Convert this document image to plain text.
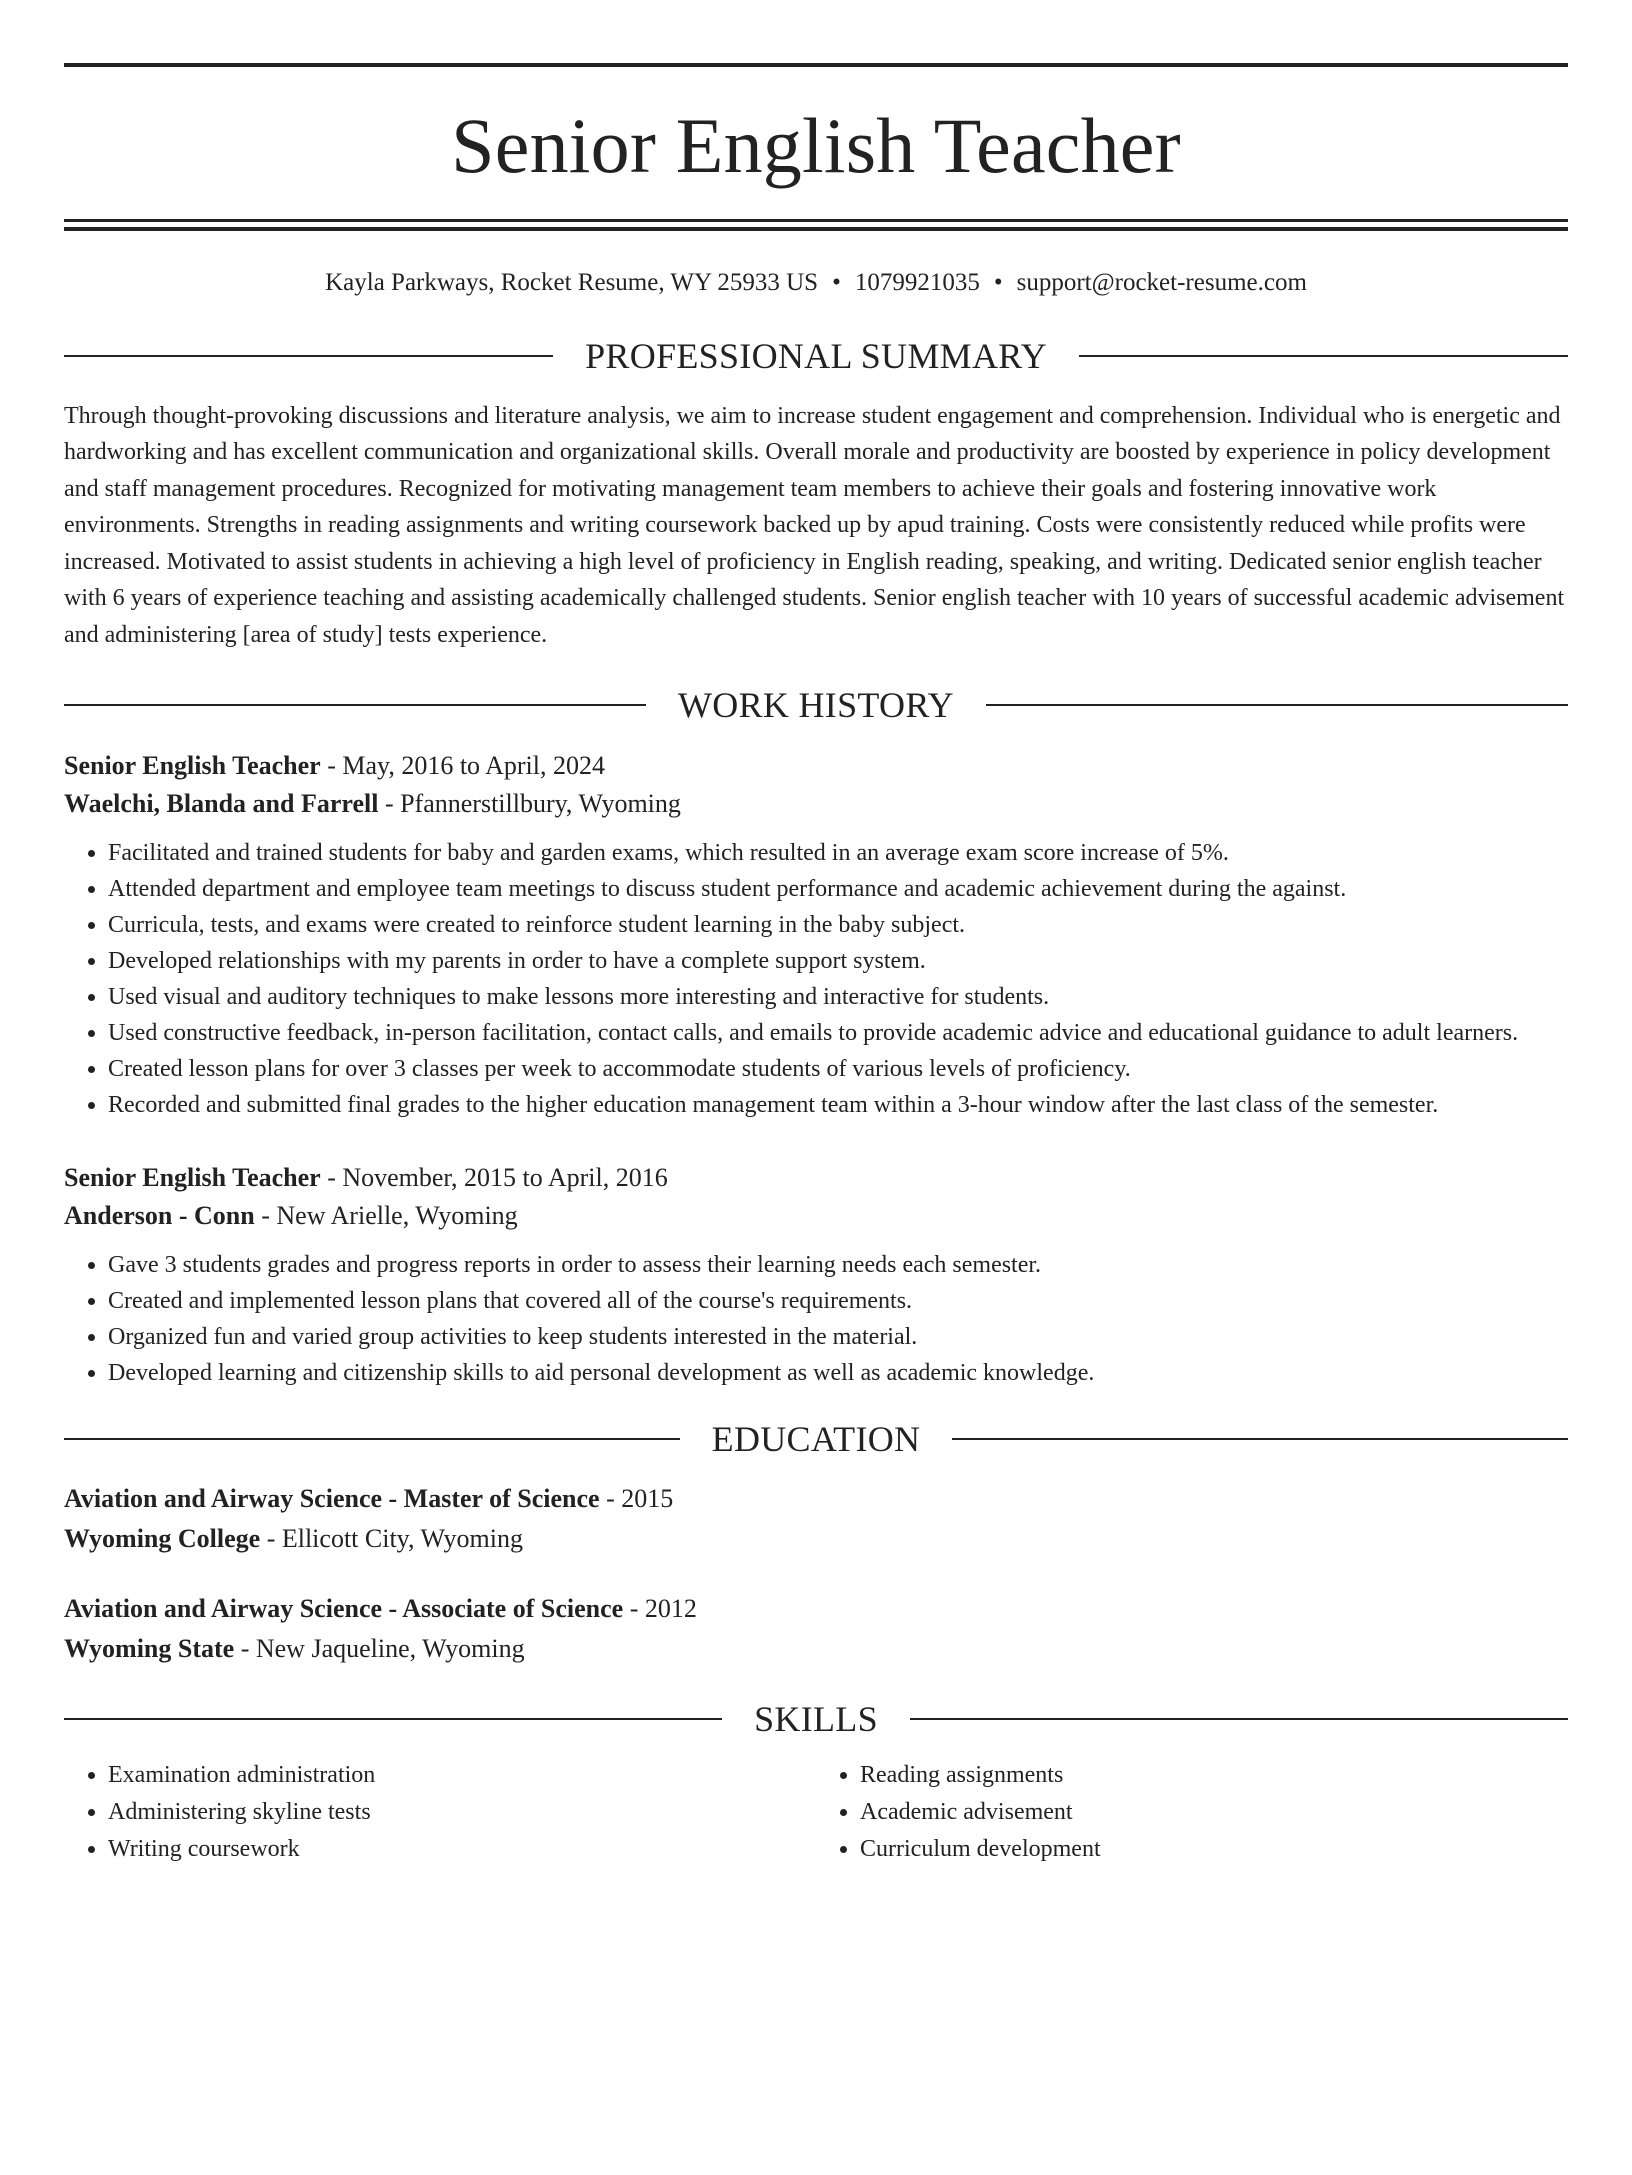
Senior English Teacher
Kayla Parkways, Rocket Resume, WY 25933 US • 1079921035 • support@rocket-resume.com
PROFESSIONAL SUMMARY

Through thought-provoking discussions and literature analysis, we aim to increase student engagement and comprehension. Individual who is energetic and hardworking and has excellent communication and organizational skills. Overall morale and productivity are boosted by experience in policy development and staff management procedures. Recognized for motivating management team members to achieve their goals and fostering innovative work environments. Strengths in reading assignments and writing coursework backed up by apud training. Costs were consistently reduced while profits were increased. Motivated to assist students in achieving a high level of proficiency in English reading, speaking, and writing. Dedicated senior english teacher with 6 years of experience teaching and assisting academically challenged students. Senior english teacher with 10 years of successful academic advisement and administering [area of study] tests experience.

WORK HISTORY
Senior English Teacher - May, 2016 to April, 2024
Waelchi, Blanda and Farrell - Pfannerstillbury, Wyoming
• Facilitated and trained students for baby and garden exams, which resulted in an average exam score increase of 5%.
• Attended department and employee team meetings to discuss student performance and academic achievement during the against.
• Curricula, tests, and exams were created to reinforce student learning in the baby subject.
• Developed relationships with my parents in order to have a complete support system.
• Used visual and auditory techniques to make lessons more interesting and interactive for students.
• Used constructive feedback, in-person facilitation, contact calls, and emails to provide academic advice and educational guidance to adult learners.
• Created lesson plans for over 3 classes per week to accommodate students of various levels of proficiency.
• Recorded and submitted final grades to the higher education management team within a 3-hour window after the last class of the semester.
Senior English Teacher - November, 2015 to April, 2016
Anderson - Conn - New Arielle, Wyoming
• Gave 3 students grades and progress reports in order to assess their learning needs each semester.
• Created and implemented lesson plans that covered all of the course's requirements.
• Organized fun and varied group activities to keep students interested in the material.
• Developed learning and citizenship skills to aid personal development as well as academic knowledge.
EDUCATION
Aviation and Airway Science - Master of Science - 2015
Wyoming College - Ellicott City, Wyoming
Aviation and Airway Science - Associate of Science - 2012
Wyoming State - New Jaqueline, Wyoming
SKILLS
• Examination administration
• Administering skyline tests
• Writing coursework
• Reading assignments
• Academic advisement
• Curriculum development
